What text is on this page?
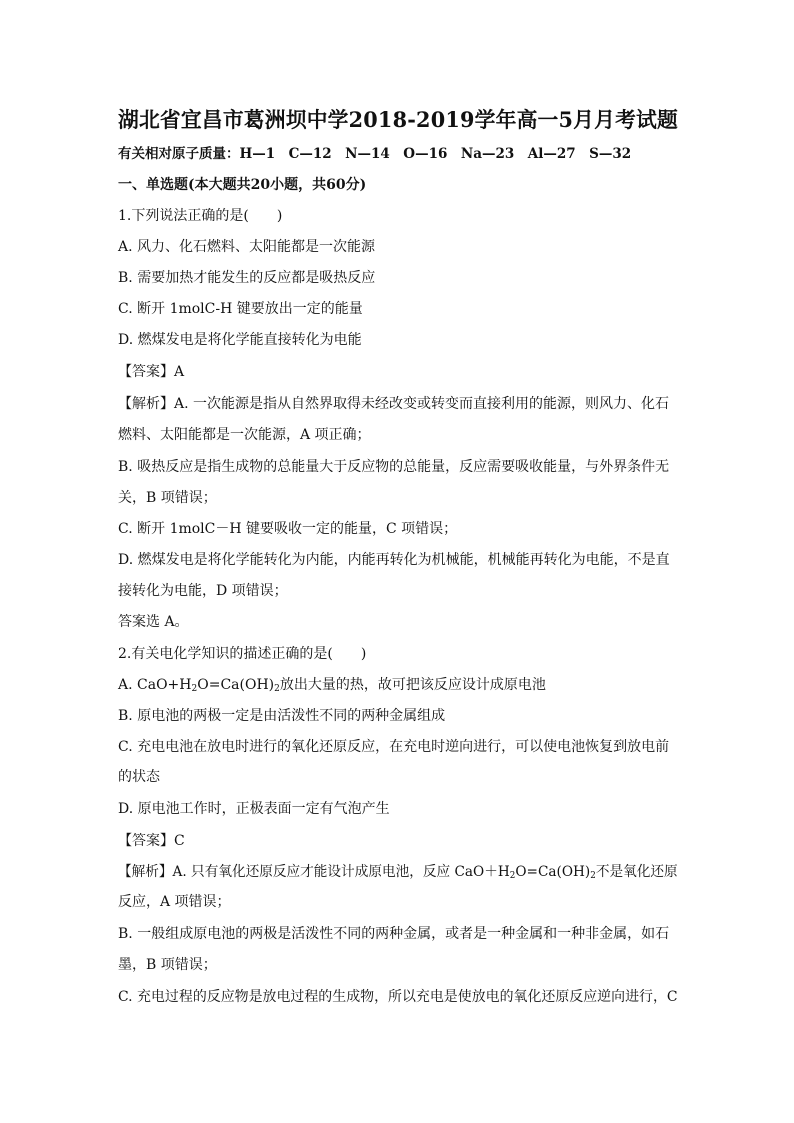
湖北省宜昌市葛洲坝中学2018-2019学年高一5月月考试题
有关相对原子质量：H—1　C—12　N—14　O—16　Na—23　Al—27　S—32
一、单选题(本大题共20小题，共60分)
1.下列说法正确的是(　　)
A. 风力、化石燃料、太阳能都是一次能源
B. 需要加热才能发生的反应都是吸热反应
C. 断开 1molC-H 键要放出一定的能量
D. 燃煤发电是将化学能直接转化为电能
【答案】A
【解析】A. 一次能源是指从自然界取得未经改变或转变而直接利用的能源，则风力、化石
燃料、太阳能都是一次能源，A 项正确；
B. 吸热反应是指生成物的总能量大于反应物的总能量，反应需要吸收能量，与外界条件无
关，B 项错误；
C. 断开 1molC－H 键要吸收一定的能量，C 项错误；
D. 燃煤发电是将化学能转化为内能，内能再转化为机械能，机械能再转化为电能，不是直
接转化为电能，D 项错误；
答案选 A。
2.有关电化学知识的描述正确的是(　　)
A. $CaO+H_2O=Ca(OH)_2$放出大量的热，故可把该反应设计成原电池
B. 原电池的两极一定是由活泼性不同的两种金属组成
C. 充电电池在放电时进行的氧化还原反应，在充电时逆向进行，可以使电池恢复到放电前
的状态
D. 原电池工作时，正极表面一定有气泡产生
【答案】C
【解析】A. 只有氧化还原反应才能设计成原电池，反应 $CaO+H_2O=Ca(OH)_2$不是氧化还原
反应，A 项错误；
B. 一般组成原电池的两极是活泼性不同的两种金属，或者是一种金属和一种非金属，如石
墨，B 项错误；
C. 充电过程的反应物是放电过程的生成物，所以充电是使放电的氧化还原反应逆向进行，C
